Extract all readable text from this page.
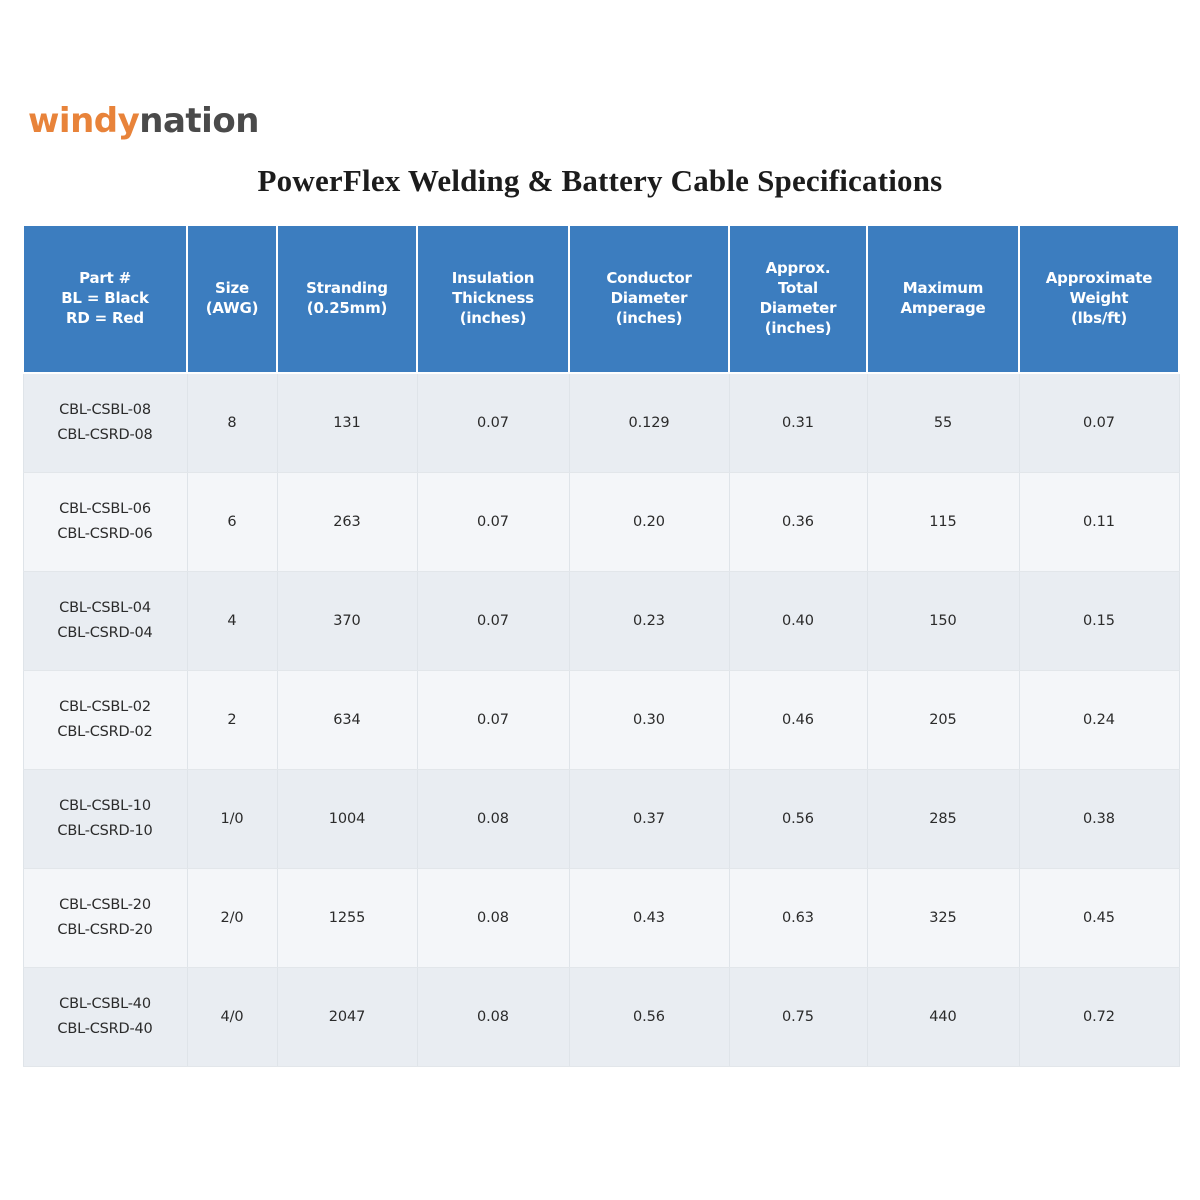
windynation
PowerFlex Welding & Battery Cable Specifications
Part #
BL = Black
RD = Red	Size
(AWG)	Stranding
(0.25mm)	Insulation
Thickness
(inches)	Conductor
Diameter
(inches)	Approx.
Total
Diameter
(inches)	Maximum
Amperage	Approximate
Weight
(lbs/ft)

CBL-CSBL-08
CBL-CSRD-08	8	131	0.07	0.129	0.31	55	0.07

CBL-CSBL-06
CBL-CSRD-06	6	263	0.07	0.20	0.36	115	0.11

CBL-CSBL-04
CBL-CSRD-04	4	370	0.07	0.23	0.40	150	0.15

CBL-CSBL-02
CBL-CSRD-02	2	634	0.07	0.30	0.46	205	0.24

CBL-CSBL-10
CBL-CSRD-10	1/0	1004	0.08	0.37	0.56	285	0.38

CBL-CSBL-20
CBL-CSRD-20	2/0	1255	0.08	0.43	0.63	325	0.45

CBL-CSBL-40
CBL-CSRD-40	4/0	2047	0.08	0.56	0.75	440	0.72
